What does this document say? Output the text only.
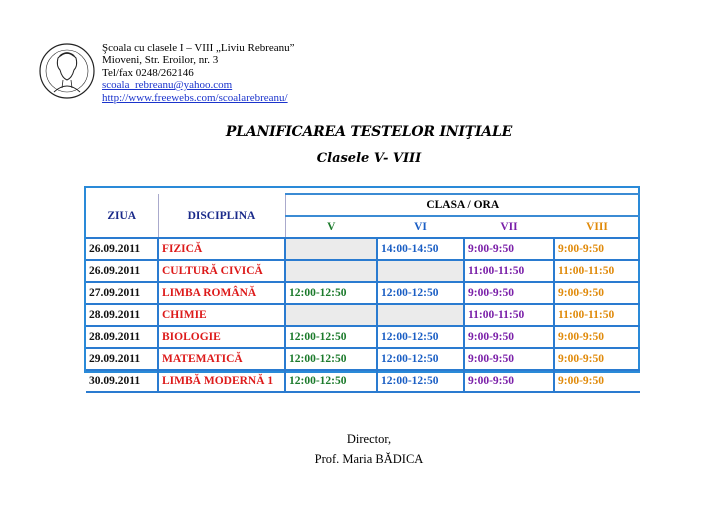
Şcoala cu clasele I – VIII „Liviu Rebreanu”
Mioveni, Str. Eroilor, nr. 3
Tel/fax 0248/262146
scoala_rebreanu@yahoo.com
http://www.freewebs.com/scoalarebreanu/
PLANIFICAREA TESTELOR INIŢIALE
Clasele V- VIII
ZIUA	DISCIPLINA	CLASA / ORA			
		V	VI	VII	VIII
26.09.2011	FIZICĂ		14:00-14:50	9:00-9:50	9:00-9:50
26.09.2011	CULTURĂ CIVICĂ			11:00-11:50	11:00-11:50
27.09.2011	LIMBA ROMÂNĂ	12:00-12:50	12:00-12:50	9:00-9:50	9:00-9:50
28.09.2011	CHIMIE			11:00-11:50	11:00-11:50
28.09.2011	BIOLOGIE	12:00-12:50	12:00-12:50	9:00-9:50	9:00-9:50
29.09.2011	MATEMATICĂ	12:00-12:50	12:00-12:50	9:00-9:50	9:00-9:50
30.09.2011	LIMBĂ MODERNĂ 1	12:00-12:50	12:00-12:50	9:00-9:50	9:00-9:50
Director,
Prof. Maria BĂDICA
